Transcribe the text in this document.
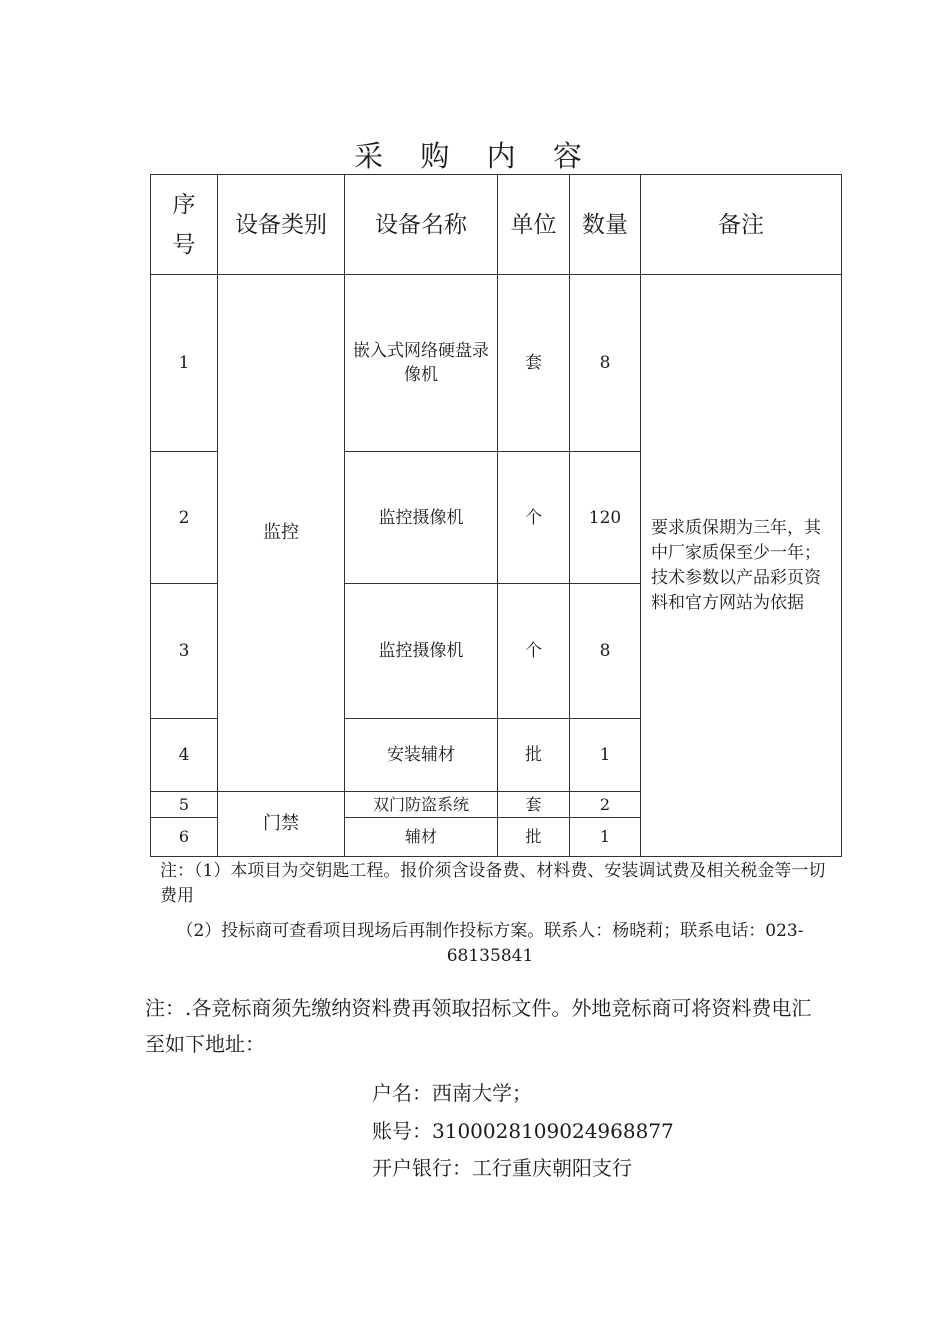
采 购 内 容
序号	设备类别	设备名称	单位	数量	备注
1	监控	嵌入式网络硬盘录像机	套	8	要求质保期为三年，其中厂家质保至少一年；技术参数以产品彩页资料和官方网站为依据
2		监控摄像机	个	120	
3		监控摄像机	个	8	
4		安装辅材	批	1	
5	门禁	双门防盗系统	套	2	
6		辅材	批	1	
注：（1）本项目为交钥匙工程。报价须含设备费、材料费、安装调试费及相关税金等一切费用
（2）投标商可查看项目现场后再制作投标方案。联系人：杨晓莉；联系电话：023-68135841
注：.各竞标商须先缴纳资料费再领取招标文件。外地竞标商可将资料费电汇至如下地址：
户名：西南大学；
账号：310002810902496887​7
开户银行：工行重庆朝阳支行
